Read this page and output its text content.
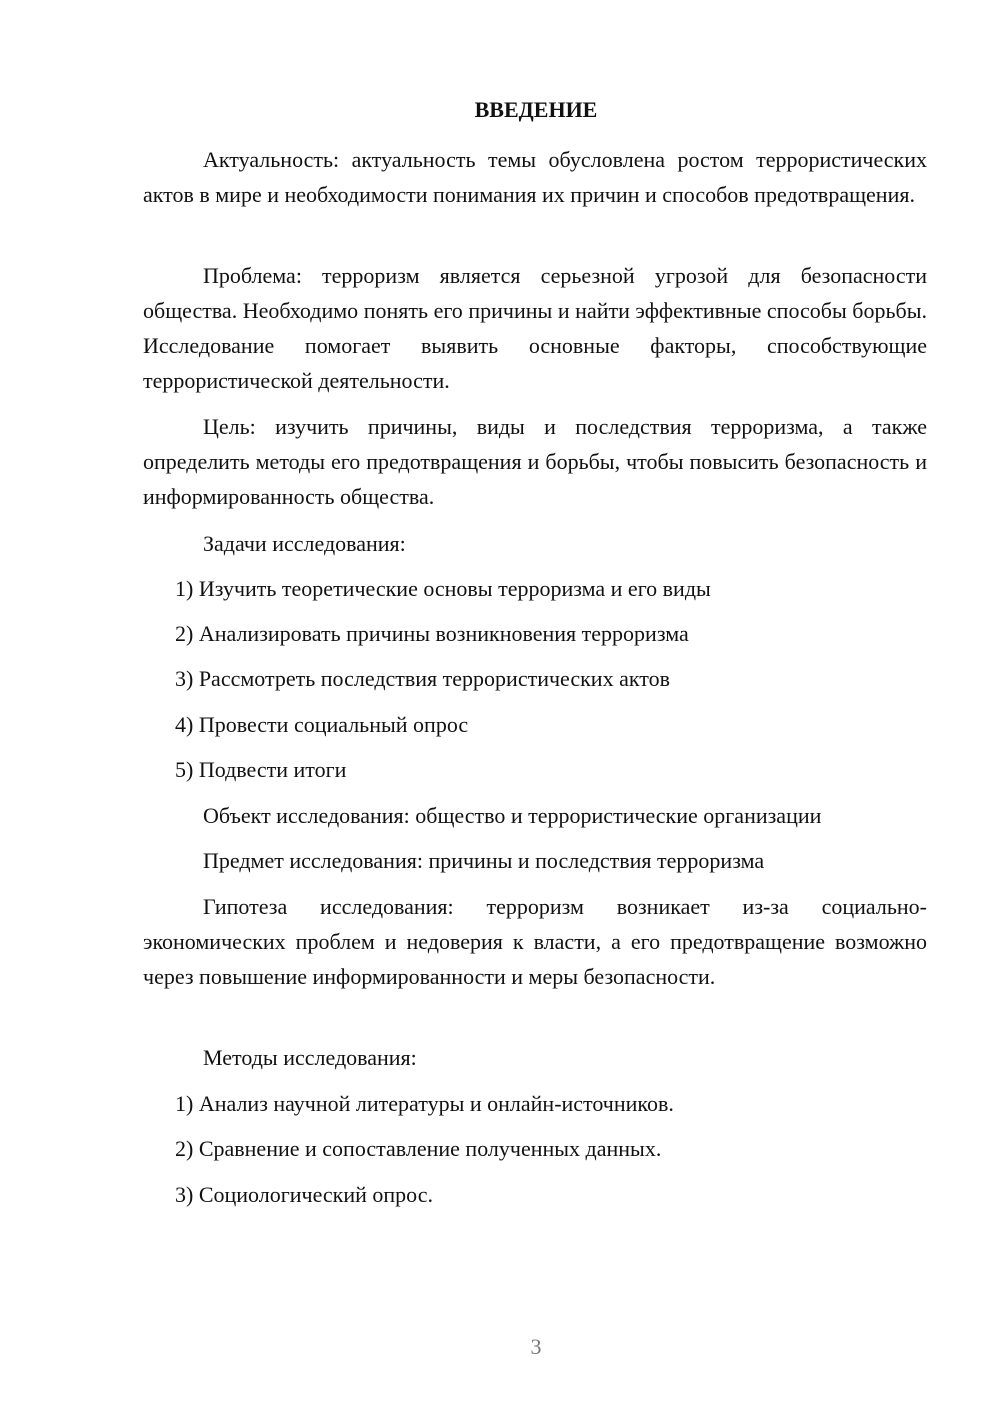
ВВЕДЕНИЕ

Актуальность: актуальность темы обусловлена ростом террористических актов в мире и необходимости понимания их причин и способов предотвращения.

Проблема: терроризм является серьезной угрозой для безопасности общества. Необходимо понять его причины и найти эффективные способы борьбы. Исследование помогает выявить основные факторы, способствующие террористической деятельности.

Цель: изучить причины, виды и последствия терроризма, а также определить методы его предотвращения и борьбы, чтобы повысить безопасность и информированность общества.

Задачи исследования:
1) Изучить теоретические основы терроризма и его виды
2) Анализировать причины возникновения терроризма
3) Рассмотреть последствия террористических актов
4) Провести социальный опрос
5) Подвести итоги
Объект исследования: общество и террористические организации
Предмет исследования: причины и последствия терроризма

Гипотеза исследования: терроризм возникает из-за социально-экономических проблем и недоверия к власти, а его предотвращение возможно через повышение информированности и меры безопасности.

Методы исследования:
1) Анализ научной литературы и онлайн-источников.
2) Сравнение и сопоставление полученных данных.
3) Социологический опрос.
3
